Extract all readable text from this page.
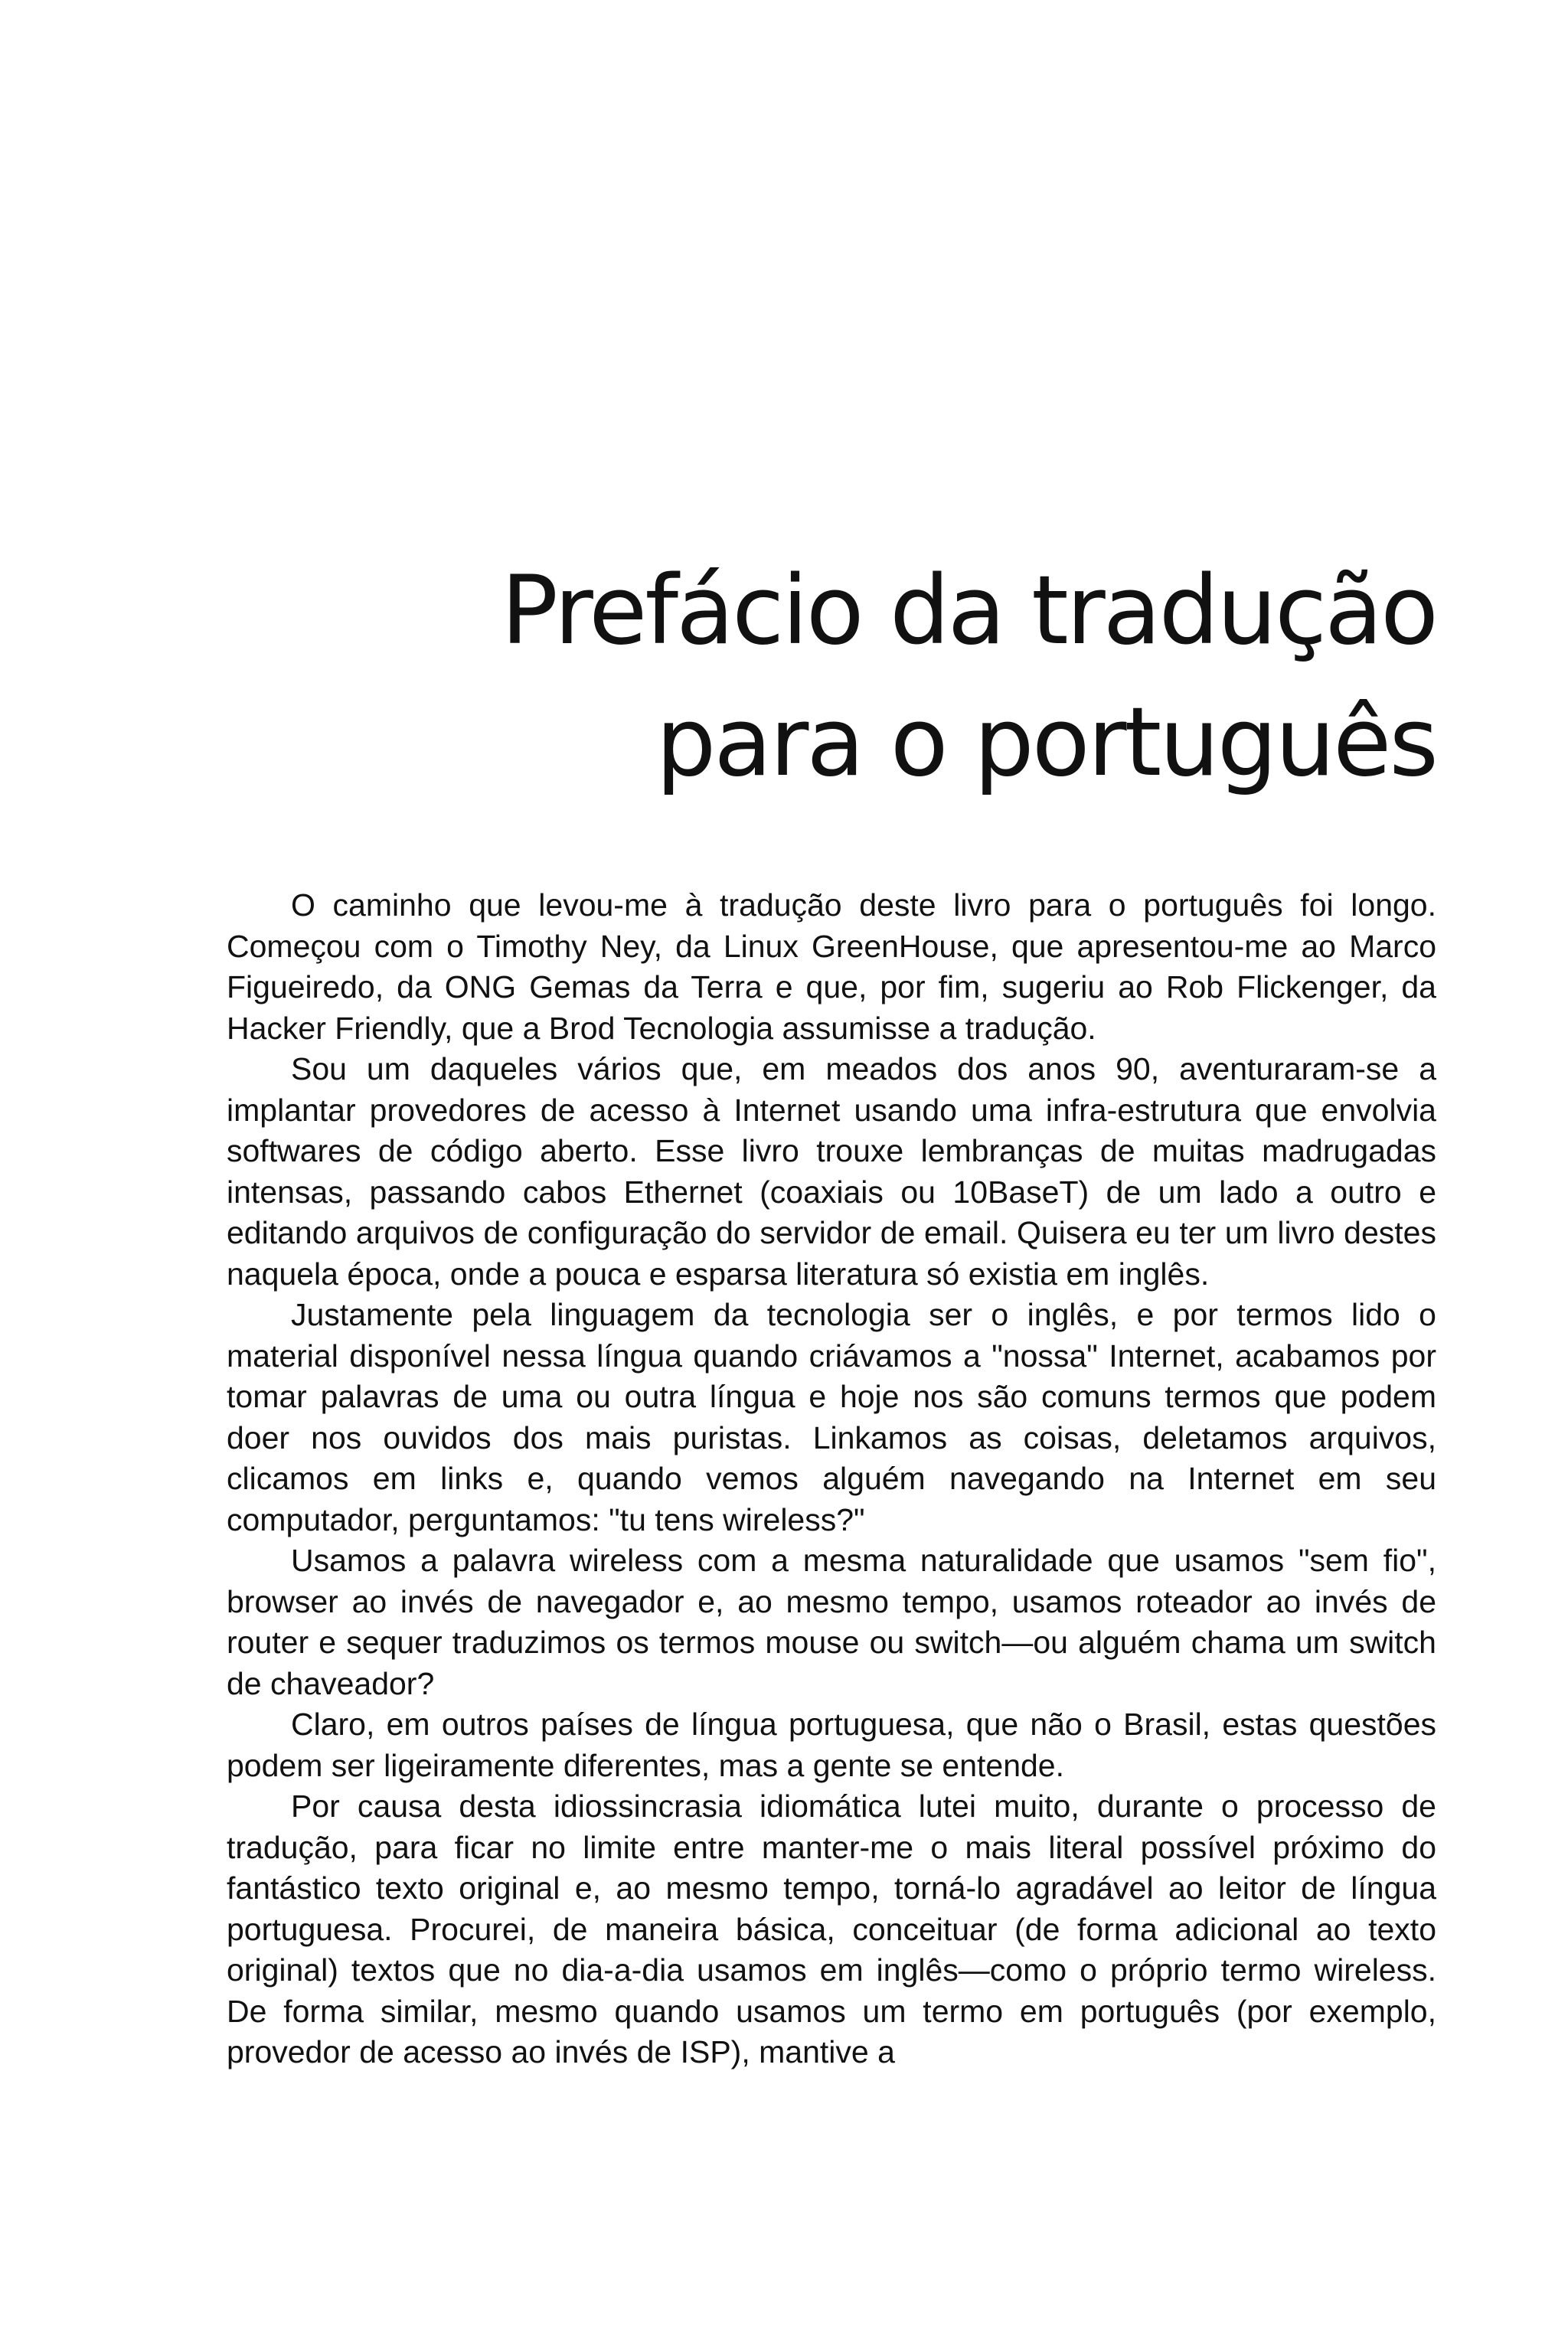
Prefácio da tradução
para o português

O caminho que levou-me à tradução deste livro para o português foi longo. Começou com o Timothy Ney, da Linux GreenHouse, que apresentou-me ao Marco Figueiredo, da ONG Gemas da Terra e que, por fim, sugeriu ao Rob Flickenger, da Hacker Friendly, que a Brod Tecnologia assumisse a tradução.

Sou um daqueles vários que, em meados dos anos 90, aventuraram-se a implantar provedores de acesso à Internet usando uma infra-estrutura que envolvia softwares de código aberto. Esse livro trouxe lembranças de muitas madrugadas intensas, passando cabos Ethernet (coaxiais ou 10BaseT) de um lado a outro e editando arquivos de configuração do servidor de email. Quisera eu ter um livro destes naquela época, onde a pouca e esparsa literatura só existia em inglês.

Justamente pela linguagem da tecnologia ser o inglês, e por termos lido o material disponível nessa língua quando criávamos a "nossa" Internet, acabamos por tomar palavras de uma ou outra língua e hoje nos são comuns termos que podem doer nos ouvidos dos mais puristas. Linkamos as coisas, deletamos arquivos, clicamos em links e, quando vemos alguém navegando na Internet em seu computador, perguntamos: "tu tens wireless?"

Usamos a palavra wireless com a mesma naturalidade que usamos "sem fio", browser ao invés de navegador e, ao mesmo tempo, usamos roteador ao invés de router e sequer traduzimos os termos mouse ou switch—ou alguém chama um switch de chaveador?

Claro, em outros países de língua portuguesa, que não o Brasil, estas questões podem ser ligeiramente diferentes, mas a gente se entende.

Por causa desta idiossincrasia idiomática lutei muito, durante o processo de tradução, para ficar no limite entre manter-me o mais literal possível próximo do fantástico texto original e, ao mesmo tempo, torná-lo agradável ao leitor de língua portuguesa. Procurei, de maneira básica, conceituar (de forma adicional ao texto original) textos que no dia-a-dia usamos em inglês—como o próprio termo wireless. De forma similar, mesmo quando usamos um termo em português (por exemplo, provedor de acesso ao invés de ISP), mantive a
